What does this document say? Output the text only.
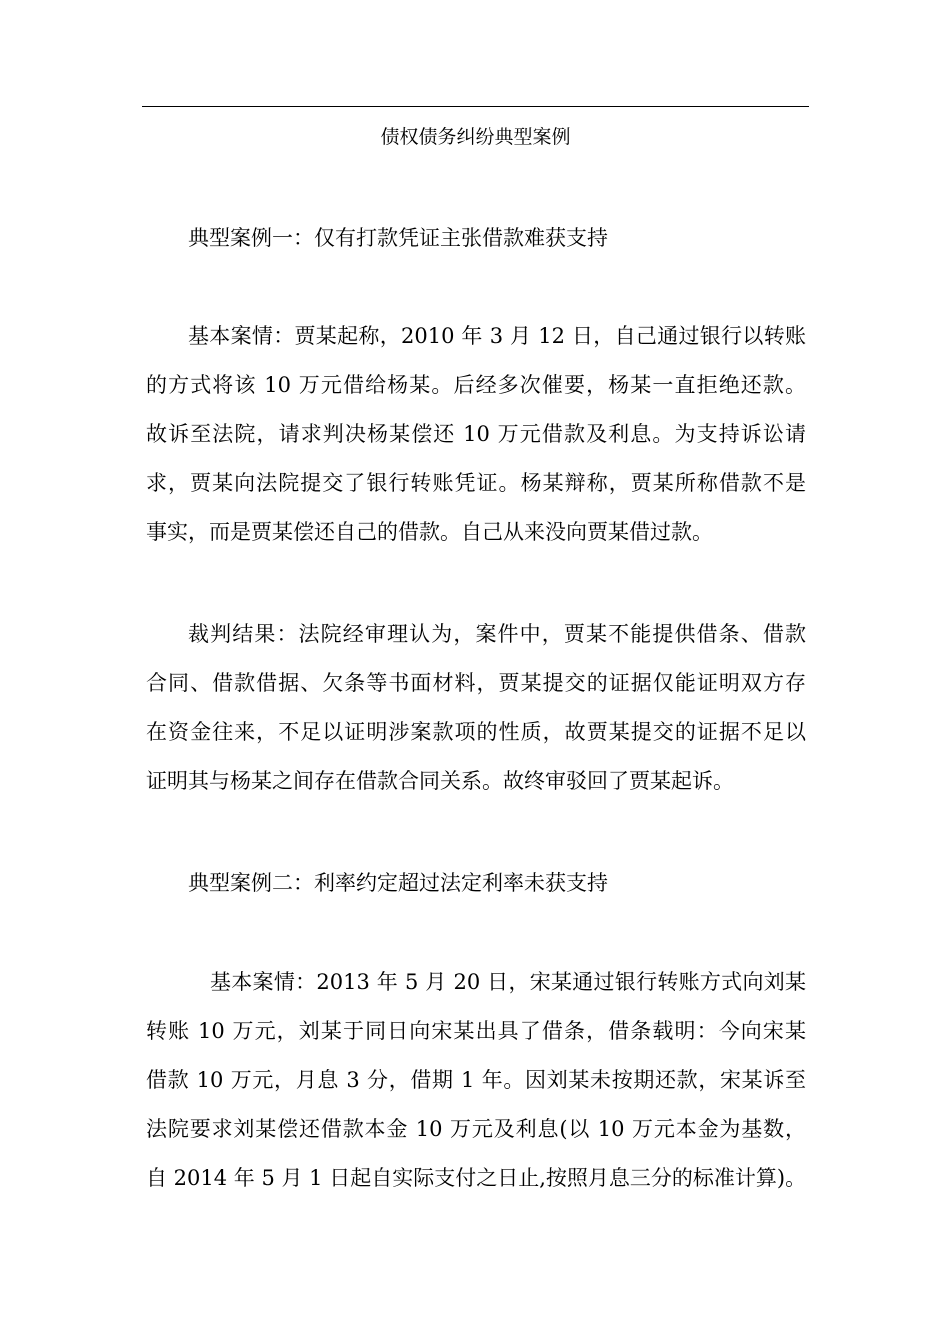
债权债务纠纷典型案例
典型案例一：仅有打款凭证主张借款难获支持
基本案情：贾某起称，2010 年 3 月 12 日，自己通过银行以转账
的方式将该 10 万元借给杨某。后经多次催要，杨某一直拒绝还款。
故诉至法院，请求判决杨某偿还 10 万元借款及利息。为支持诉讼请
求，贾某向法院提交了银行转账凭证。杨某辩称，贾某所称借款不是
事实，而是贾某偿还自己的借款。自己从来没向贾某借过款。
裁判结果：法院经审理认为，案件中，贾某不能提供借条、借款
合同、借款借据、欠条等书面材料，贾某提交的证据仅能证明双方存
在资金往来，不足以证明涉案款项的性质，故贾某提交的证据不足以
证明其与杨某之间存在借款合同关系。故终审驳回了贾某起诉。
典型案例二：利率约定超过法定利率未获支持
基本案情：2013 年 5 月 20 日，宋某通过银行转账方式向刘某
转账 10 万元，刘某于同日向宋某出具了借条，借条载明：今向宋某
借款 10 万元，月息 3 分，借期 1 年。因刘某未按期还款，宋某诉至
法院要求刘某偿还借款本金 10 万元及利息(以 10 万元本金为基数，
自 2014 年 5 月 1 日起自实际支付之日止,按照月息三分的标准计算)。
